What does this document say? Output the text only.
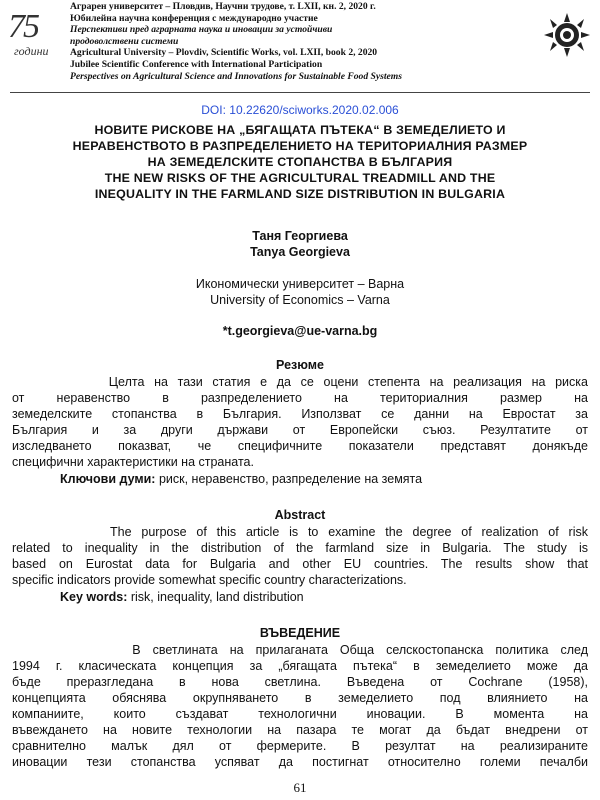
75
години
Аграрен университет – Пловдив, Научни трудове, т. LXII, кн. 2, 2020 г.
Юбилейна научна конференция с международно участие
Перспективи пред аграрната наука и иновации за устойчиви
продоволствени системи
Agricultural University – Plovdiv, Scientific Works, vol. LXII, book 2, 2020
Jubilee Scientific Conference with International Participation
Perspectives on Agricultural Science and Innovations for Sustainable Food Systems
DOI: 10.22620/sciworks.2020.02.006
НОВИТЕ РИСКОВЕ НА „БЯГАЩАТА ПЪТЕКА“ В ЗЕМЕДЕЛИЕТО И
НЕРАВЕНСТВОТО В РАЗПРЕДЕЛЕНИЕТО НА ТЕРИТОРИАЛНИЯ РАЗМЕР
НА ЗЕМЕДЕЛСКИТЕ СТОПАНСТВА В БЪЛГАРИЯ
THE NEW RISKS OF THE AGRICULTURAL TREADMILL AND THE
INEQUALITY IN THE FARMLAND SIZE DISTRIBUTION IN BULGARIA
Таня Георгиева
Tanya Georgieva
Икономически университет – Варна
University of Economics – Varna
*t.georgieva@ue-varna.bg
Резюме
Целта на тази статия е да се оцени степента на реализация на риска
от неравенство в разпределението на териториалния размер на
земеделските стопанства в България. Използват се данни на Евростат за
България и за други държави от Европейски съюз. Резултатите от
изследването показват, че специфичните показатели представят донякъде
специфични характеристики на страната.
Ключови думи: риск, неравенство, разпределение на земята
Abstract
The purpose of this article is to examine the degree of realization of risk
related to inequality in the distribution of the farmland size in Bulgaria. The study is
based on Eurostat data for Bulgaria and other EU countries. The results show that
specific indicators provide somewhat specific country characterizations.
Key words: risk, inequality, land distribution
ВЪВЕДЕНИЕ
В светлината на прилаганата Обща селскостопанска политика след
1994 г. класическата концепция за „бягащата пътека“ в земеделието може да
бъде преразгледана в нова светлина. Въведена от Cochrane (1958),
концепцията обяснява окрупняването в земеделието под влиянието на
компаниите, които създават технологични иновации. В момента на
въвеждането на новите технологии на пазара те могат да бъдат внедрени от
сравнително малък дял от фермерите. В резултат на реализираните
иновации тези стопанства успяват да постигнат относително големи печалби
61
